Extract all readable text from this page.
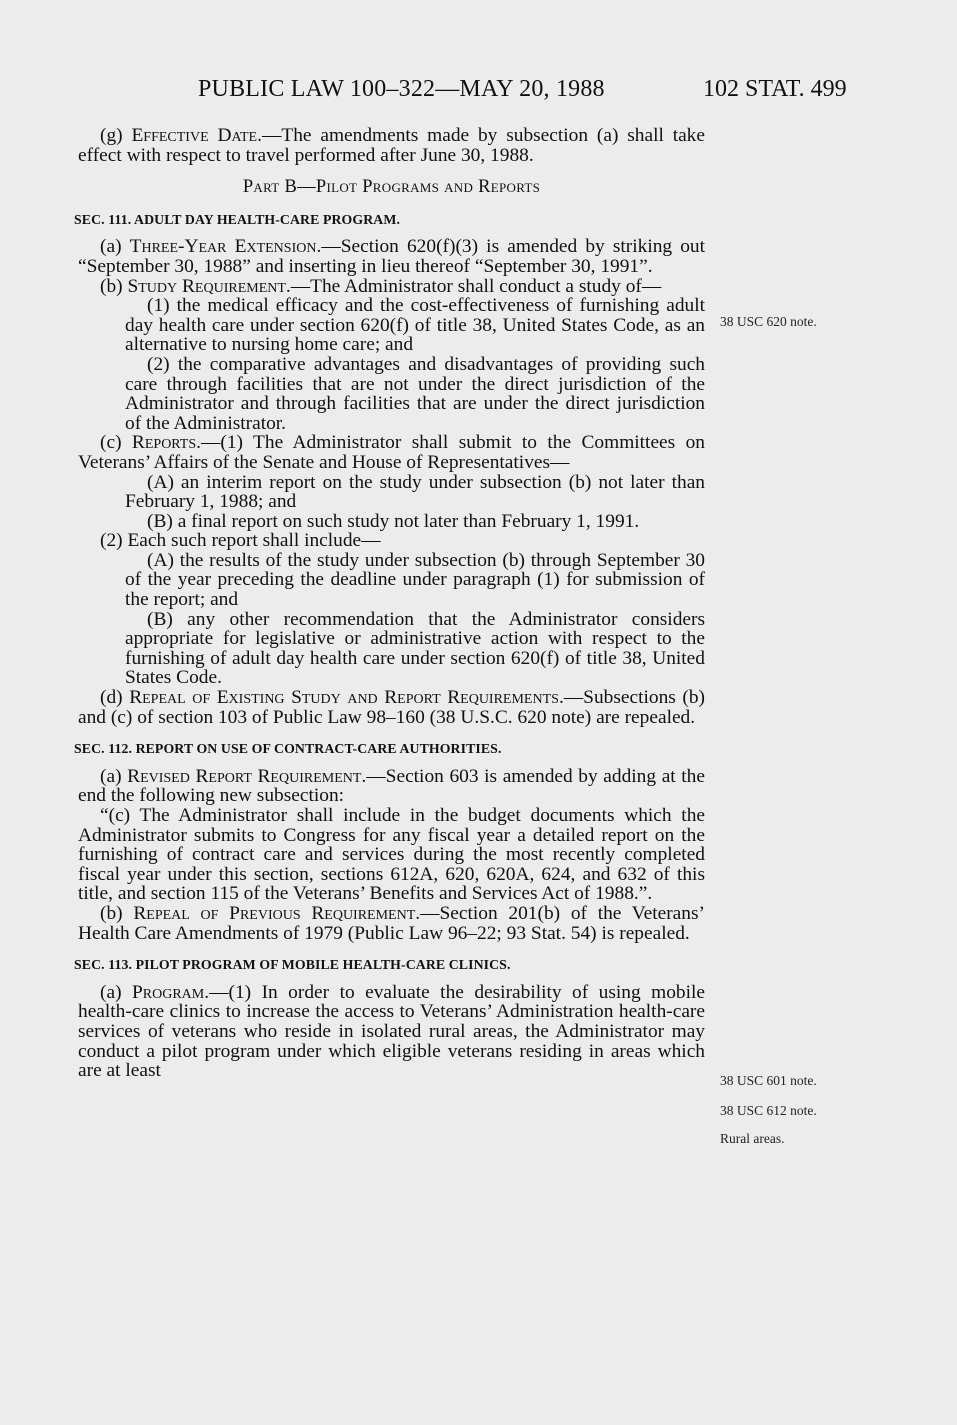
PUBLIC LAW 100–322—MAY 20, 1988	102 STAT. 499

(g) Effective Date.—The amendments made by subsection (a) shall take effect with respect to travel performed after June 30, 1988.

Part B—Pilot Programs and Reports

SEC. 111. ADULT DAY HEALTH-CARE PROGRAM.

(a) Three-Year Extension.—Section 620(f)(3) is amended by striking out “September 30, 1988” and inserting in lieu thereof “September 30, 1991”.

(b) Study Requirement.—The Administrator shall conduct a study of—

(1) the medical efficacy and the cost-effectiveness of furnishing adult day health care under section 620(f) of title 38, United States Code, as an alternative to nursing home care; and

(2) the comparative advantages and disadvantages of providing such care through facilities that are not under the direct jurisdiction of the Administrator and through facilities that are under the direct jurisdiction of the Administrator.

(c) Reports.—(1) The Administrator shall submit to the Committees on Veterans’ Affairs of the Senate and House of Representatives—

(A) an interim report on the study under subsection (b) not later than February 1, 1988; and

(B) a final report on such study not later than February 1, 1991.

(2) Each such report shall include—

(A) the results of the study under subsection (b) through September 30 of the year preceding the deadline under paragraph (1) for submission of the report; and

(B) any other recommendation that the Administrator considers appropriate for legislative or administrative action with respect to the furnishing of adult day health care under section 620(f) of title 38, United States Code.

(d) Repeal of Existing Study and Report Requirements.—Subsections (b) and (c) of section 103 of Public Law 98–160 (38 U.S.C. 620 note) are repealed.

SEC. 112. REPORT ON USE OF CONTRACT-CARE AUTHORITIES.

(a) Revised Report Requirement.—Section 603 is amended by adding at the end the following new subsection:

“(c) The Administrator shall include in the budget documents which the Administrator submits to Congress for any fiscal year a detailed report on the furnishing of contract care and services during the most recently completed fiscal year under this section, sections 612A, 620, 620A, 624, and 632 of this title, and section 115 of the Veterans’ Benefits and Services Act of 1988.”.

(b) Repeal of Previous Requirement.—Section 201(b) of the Veterans’ Health Care Amendments of 1979 (Public Law 96–22; 93 Stat. 54) is repealed.

SEC. 113. PILOT PROGRAM OF MOBILE HEALTH-CARE CLINICS.

(a) Program.—(1) In order to evaluate the desirability of using mobile health-care clinics to increase the access to Veterans’ Administration health-care services of veterans who reside in isolated rural areas, the Administrator may conduct a pilot program under which eligible veterans residing in areas which are at least

38 USC 620 note.
38 USC 601 note.
38 USC 612 note.
Rural areas.
